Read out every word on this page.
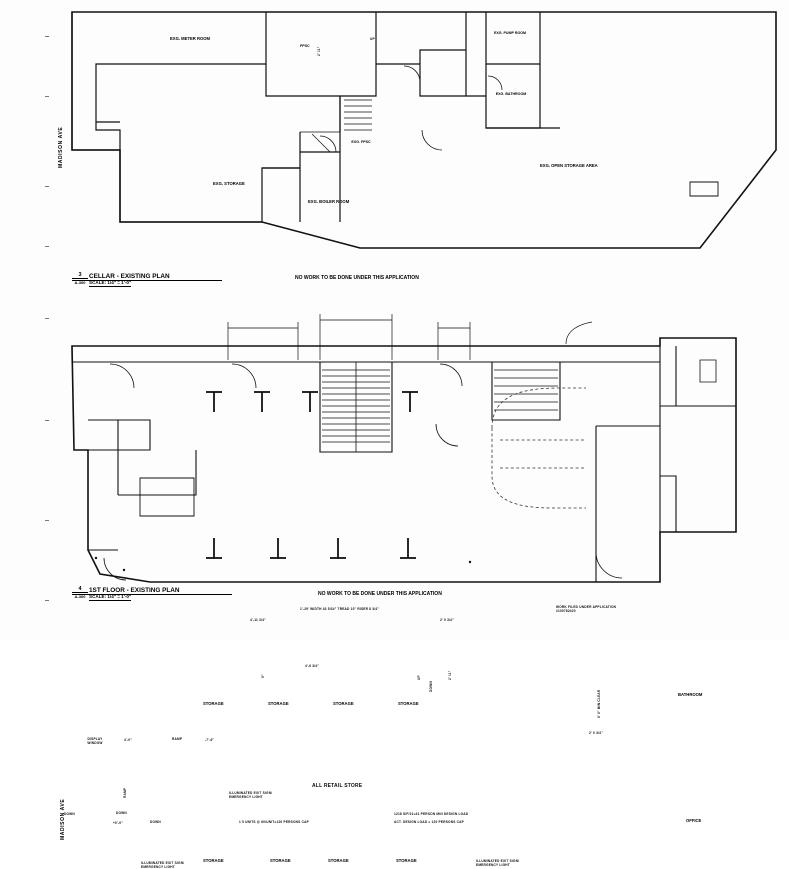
2' 11"
UP
EXG. METER ROOM
EXG. STORAGE
EXG. BOILER ROOM
EXG. OPEN STORAGE AREA
EXG. PUMP ROOM
EXG. BATHROOM
EXG. FPSC
FPSC
MADISON AVE
3
A-300
CELLAR - EXISTING PLAN
SCALE: 1/4" = 1'-0"
NO WORK TO BE DONE UNDER THIS APPLICATION
STORAGE	STORAGE	STORAGE	STORAGE
STORAGE	STORAGE	STORAGE	STORAGE
BATHROOM
OFFICE
DISPLAY WINDOW
RAMP
RAMP
DOWN
DOWN
DOWN
DOWN
UP
4'-0"	-7'-6"
2' 0 3/4"
+0'-0"
2' 11"
5"
4'-6 3/4"
4'-11 3/4"	2' 0 3/4"
6' 0" MIN CLEAR
WORK FILED UNDER APPLICATION #100782420
1'-29' WIDTH 43 5/34" TREAD 10" RISER 8 3/4"
ALL RETAIL STORE
ILLUMINATED EXIT SIGN/ EMERGENCY LIGHT
ILLUMINATED EXIT SIGN/ EMERGENCY LIGHT
ILLUMINATED EXIT SIGN/ EMERGENCY LIGHT
1 5 UNITS @ 60/UNIT=120 PERSONS CAP
1218 S/F/21=41 PERSON MIN DESIGN LOAD
ACT. DESIGN LOAD = 120 PERSONS CAP
MADISON AVE
4
A-300
1ST FLOOR - EXISTING PLAN
SCALE: 1/4" = 1'-0"	NO WORK TO BE DONE UNDER THIS APPLICATION
